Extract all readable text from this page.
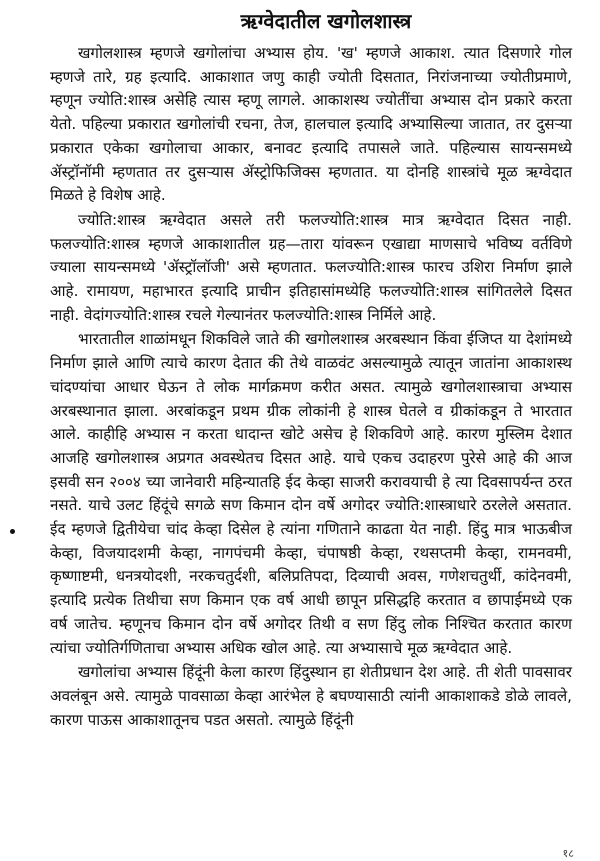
ऋग्वेदातील खगोलशास्त्र

खगोलशास्त्र म्हणजे खगोलांचा अभ्यास होय. 'ख' म्हणजे आकाश. त्यात दिसणारे गोल म्हणजे तारे, ग्रह इत्यादि. आकाशात जणु काही ज्योती दिसतात, निरांजनाच्या ज्योतीप्रमाणे, म्हणून ज्योति:शास्त्र असेहि त्यास म्हणू लागले. आकाशस्थ ज्योतींचा अभ्यास दोन प्रकारे करता येतो. पहिल्या प्रकारात खगोलांची रचना, तेज, हालचाल इत्यादि अभ्यासिल्या जातात, तर दुसऱ्या प्रकारात एकेका खगोलाचा आकार, बनावट इत्यादि तपासले जाते. पहिल्यास सायन्समध्ये ॲस्ट्रॉनॉमी म्हणतात तर दुसऱ्यास ॲस्ट्रोफिजिक्स म्हणतात. या दोनहि शास्त्रांचे मूळ ऋग्वेदात मिळते हे विशेष आहे.

ज्योति:शास्त्र ऋग्वेदात असले तरी फलज्योति:शास्त्र मात्र ऋग्वेदात दिसत नाही. फलज्योति:शास्त्र म्हणजे आकाशातील ग्रह—तारा यांवरून एखाद्या माणसाचे भविष्य वर्तविणे ज्याला सायन्समध्ये 'ॲस्ट्रॉलॉजी' असे म्हणतात. फलज्योति:शास्त्र फारच उशिरा निर्माण झाले आहे. रामायण, महाभारत इत्यादि प्राचीन इतिहासांमध्येहि फलज्योति:शास्त्र सांगितलेले दिसत नाही. वेदांगज्योति:शास्त्र रचले गेल्यानंतर फलज्योति:शास्त्र निर्मिले आहे.

भारतातील शाळांमधून शिकविले जाते की खगोलशास्त्र अरबस्थान किंवा ईजिप्त या देशांमध्ये निर्माण झाले आणि त्याचे कारण देतात की तेथे वाळवंट असल्यामुळे त्यातून जातांना आकाशस्थ चांदण्यांचा आधार घेऊन ते लोक मार्गक्रमण करीत असत. त्यामुळे खगोलशास्त्राचा अभ्यास अरबस्थानात झाला. अरबांकडून प्रथम ग्रीक लोकांनी हे शास्त्र घेतले व ग्रीकांकडून ते भारतात आले. काहीहि अभ्यास न करता धादान्त खोटे असेच हे शिकविणे आहे. कारण मुस्लिम देशात आजहि खगोलशास्त्र अप्रगत अवस्थेतच दिसत आहे. याचे एकच उदाहरण पुरेसे आहे की आज इसवी सन २००४ च्या जानेवारी महिन्यातहि ईद केव्हा साजरी करावयाची हे त्या दिवसापर्यन्त ठरत नसते. याचे उलट हिंदूंचे सगळे सण किमान दोन वर्षे अगोदर ज्योति:शास्त्राधारे ठरलेले असतात. ईद म्हणजे द्वितीयेचा चांद केव्हा दिसेल हे त्यांना गणिताने काढता येत नाही. हिंदु मात्र भाऊबीज केव्हा, विजयादशमी केव्हा, नागपंचमी केव्हा, चंपाषष्ठी केव्हा, रथसप्तमी केव्हा, रामनवमी, कृष्णाष्टमी, धनत्रयोदशी, नरकचतुर्दशी, बलिप्रतिपदा, दिव्याची अवस, गणेशचतुर्थी, कांदेनवमी, इत्यादि प्रत्येक तिथीचा सण किमान एक वर्ष आधी छापून प्रसिद्धहि करतात व छापाईमध्ये एक वर्ष जातेच. म्हणूनच किमान दोन वर्षे अगोदर तिथी व सण हिंदु लोक निश्चित करतात कारण त्यांचा ज्योतिर्गणिताचा अभ्यास अधिक खोल आहे. त्या अभ्यासाचे मूळ ऋग्वेदात आहे.

खगोलांचा अभ्यास हिंदूंनी केला कारण हिंदुस्थान हा शेतीप्रधान देश आहे. ती शेती पावसावर अवलंबून असे. त्यामुळे पावसाळा केव्हा आरंभेल हे बघण्यासाठी त्यांनी आकाशाकडे डोळे लावले, कारण पाऊस आकाशातूनच पडत असतो. त्यामुळे हिंदूंनी

१८
